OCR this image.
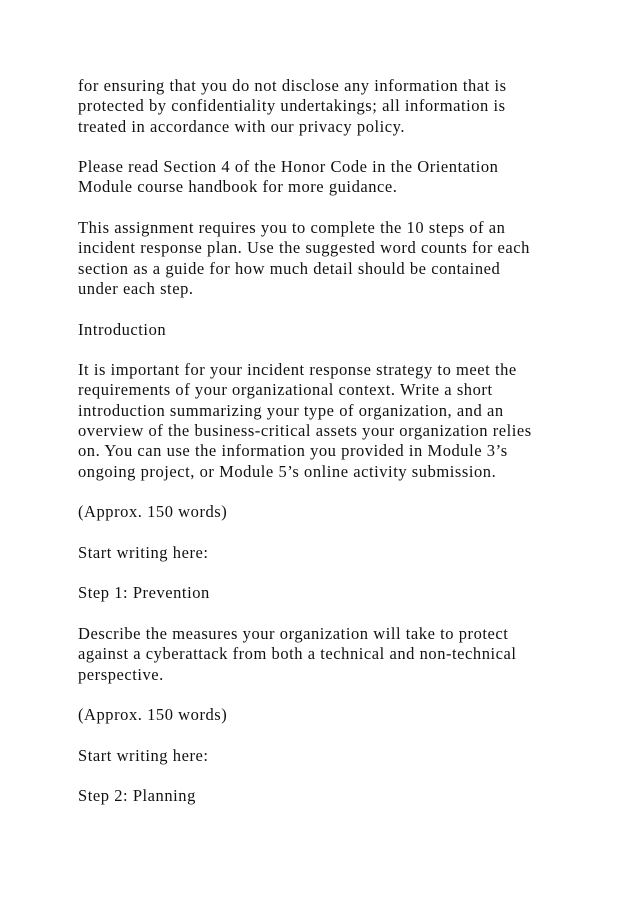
for ensuring that you do not disclose any information that is
protected by confidentiality undertakings; all information is
treated in accordance with our privacy policy.

Please read Section 4 of the Honor Code in the Orientation
Module course handbook for more guidance.

This assignment requires you to complete the 10 steps of an
incident response plan. Use the suggested word counts for each
section as a guide for how much detail should be contained
under each step.

Introduction

It is important for your incident response strategy to meet the
requirements of your organizational context. Write a short
introduction summarizing your type of organization, and an
overview of the business-critical assets your organization relies
on. You can use the information you provided in Module 3’s
ongoing project, or Module 5’s online activity submission.

(Approx. 150 words)

Start writing here:

Step 1: Prevention

Describe the measures your organization will take to protect
against a cyberattack from both a technical and non-technical
perspective.

(Approx. 150 words)

Start writing here:

Step 2: Planning
